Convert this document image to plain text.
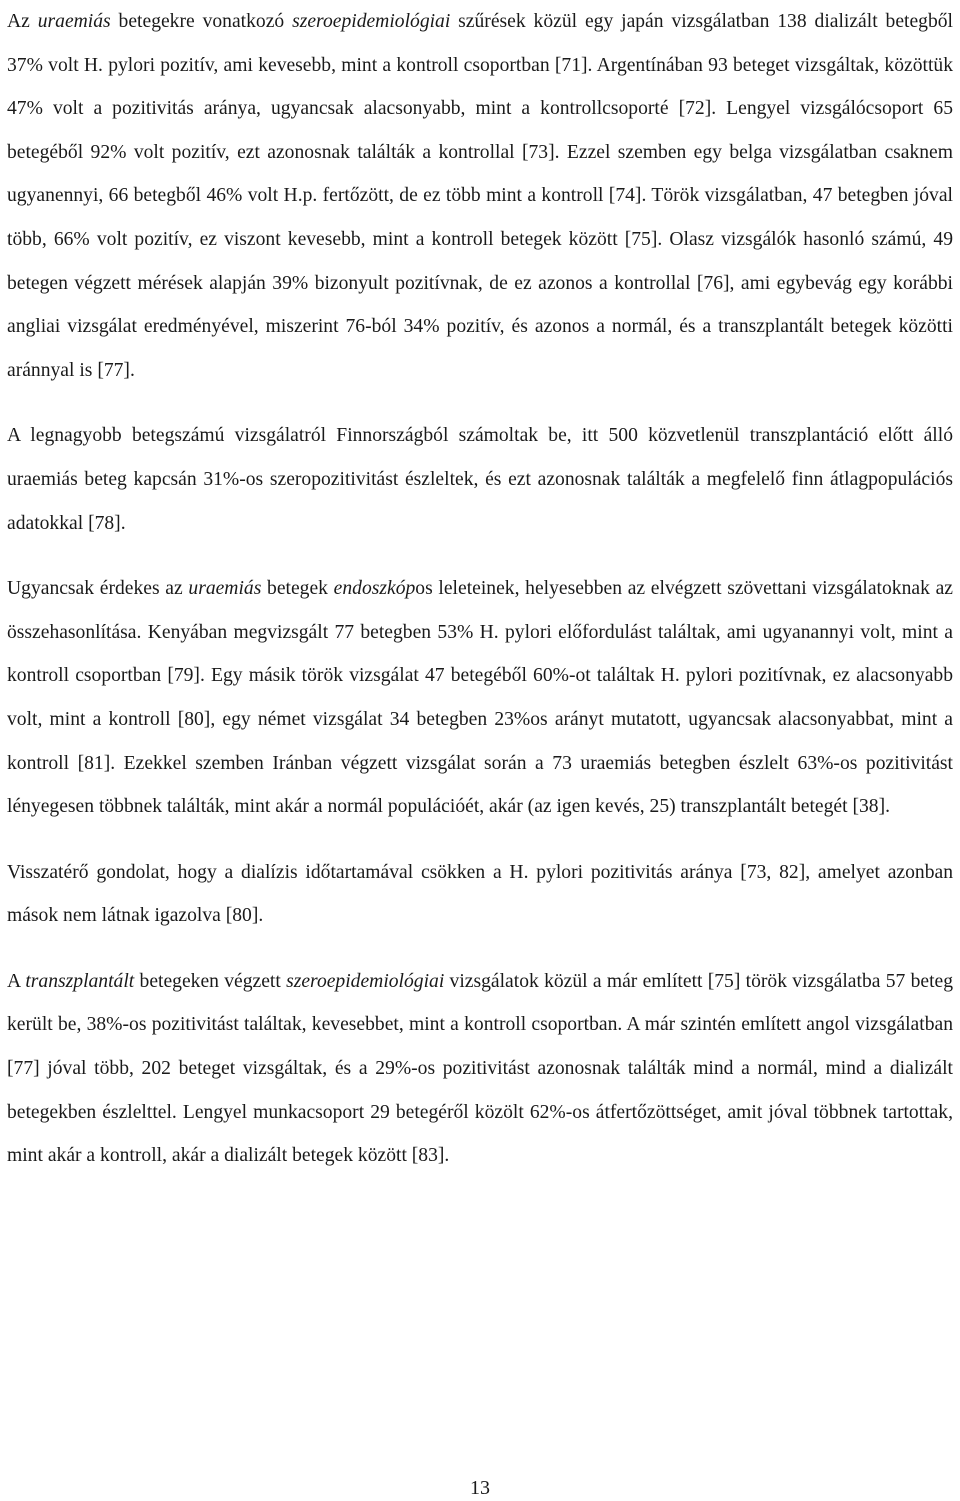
Az uraemiás betegekre vonatkozó szeroepidemiológiai szűrések közül egy japán vizsgálatban 138 dializált betegből 37% volt H. pylori pozitív, ami kevesebb, mint a kontroll csoportban [71]. Argentínában 93 beteget vizsgáltak, közöttük 47% volt a pozitivitás aránya, ugyancsak alacsonyabb, mint a kontrollcsoporté [72]. Lengyel vizsgálócsoport 65 betegéből 92% volt pozitív, ezt azonosnak találták a kontrollal [73]. Ezzel szemben egy belga vizsgálatban csaknem ugyanennyi, 66 betegből 46% volt H.p. fertőzött, de ez több mint a kontroll [74]. Török vizsgálatban, 47 betegben jóval több, 66% volt pozitív, ez viszont kevesebb, mint a kontroll betegek között [75]. Olasz vizsgálók hasonló számú, 49 betegen végzett mérések alapján 39% bizonyult pozitívnak, de ez azonos a kontrollal [76], ami egybevág egy korábbi angliai vizsgálat eredményével, miszerint 76-ból 34% pozitív, és azonos a normál, és a transzplantált betegek közötti aránnyal is [77].

A legnagyobb betegszámú vizsgálatról Finnországból számoltak be, itt 500 közvetlenül transzplantáció előtt álló uraemiás beteg kapcsán 31%-os szeropozitivitást észleltek, és ezt azonosnak találták a megfelelő finn átlagpopulációs adatokkal [78].

Ugyancsak érdekes az uraemiás betegek endoszkópos leleteinek, helyesebben az elvégzett szövettani vizsgálatoknak az összehasonlítása. Kenyában megvizsgált 77 betegben 53% H. pylori előfordulást találtak, ami ugyanannyi volt, mint a kontroll csoportban [79]. Egy másik török vizsgálat 47 betegéből 60%-ot találtak H. pylori pozitívnak, ez alacsonyabb volt, mint a kontroll [80], egy német vizsgálat 34 betegben 23%os arányt mutatott, ugyancsak alacsonyabbat, mint a kontroll [81]. Ezekkel szemben Iránban végzett vizsgálat során a 73 uraemiás betegben észlelt 63%-os pozitivitást lényegesen többnek találták, mint akár a normál populációét, akár (az igen kevés, 25) transzplantált betegét [38].

Visszatérő gondolat, hogy a dialízis időtartamával csökken a H. pylori pozitivitás aránya [73, 82], amelyet azonban mások nem látnak igazolva [80].

A transzplantált betegeken végzett szeroepidemiológiai vizsgálatok közül a már említett [75] török vizsgálatba 57 beteg került be, 38%-os pozitivitást találtak, kevesebbet, mint a kontroll csoportban. A már szintén említett angol vizsgálatban [77] jóval több, 202 beteget vizsgáltak, és a 29%-os pozitivitást azonosnak találták mind a normál, mind a dializált betegekben észlelttel. Lengyel munkacsoport 29 betegéről közölt 62%-os átfertőzöttséget, amit jóval többnek tartottak, mint akár a kontroll, akár a dializált betegek között [83].

13
